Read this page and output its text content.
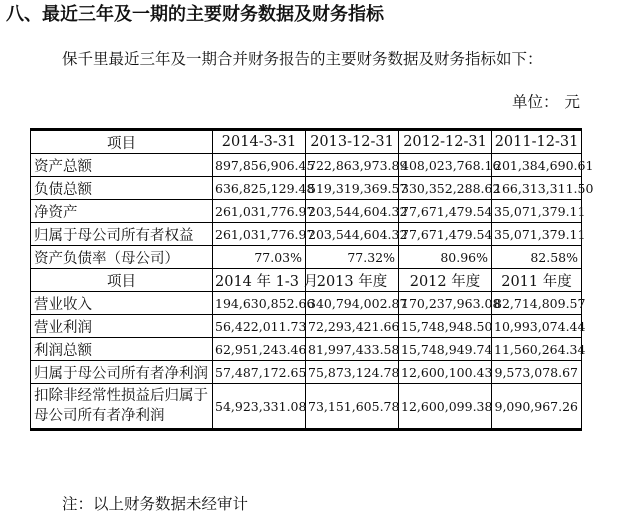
八、最近三年及一期的主要财务数据及财务指标
保千里最近三年及一期合并财务报告的主要财务数据及财务指标如下：
单位： 元
项目	2014-3-31	2013-12-31	2012-12-31	2011-12-31
资产总额	897,856,906.45	722,863,973.89	408,023,768.16	201,384,690.61
负债总额	636,825,129.48	519,319,369.57	330,352,288.62	166,313,311.50
净资产	261,031,776.97	203,544,604.32	77,671,479.54	35,071,379.11
归属于母公司所有者权益	261,031,776.97	203,544,604.32	77,671,479.54	35,071,379.11
资产负债率（母公司）	77.03%	77.32%	80.96%	82.58%
项目	2014 年 1-3 月	2013 年度	2012 年度	2011 年度
营业收入	194,630,852.66	340,794,002.87	170,237,963.08	82,714,809.57
营业利润	56,422,011.73	72,293,421.66	15,748,948.50	10,993,074.44
利润总额	62,951,243.46	81,997,433.58	15,748,949.74	11,560,264.34
归属于母公司所有者净利润	57,487,172.65	75,873,124.78	12,600,100.43	9,573,078.67
扣除非经常性损益后归属于母公司所有者净利润	54,923,331.08	73,151,605.78	12,600,099.38	9,090,967.26
注：以上财务数据未经审计
